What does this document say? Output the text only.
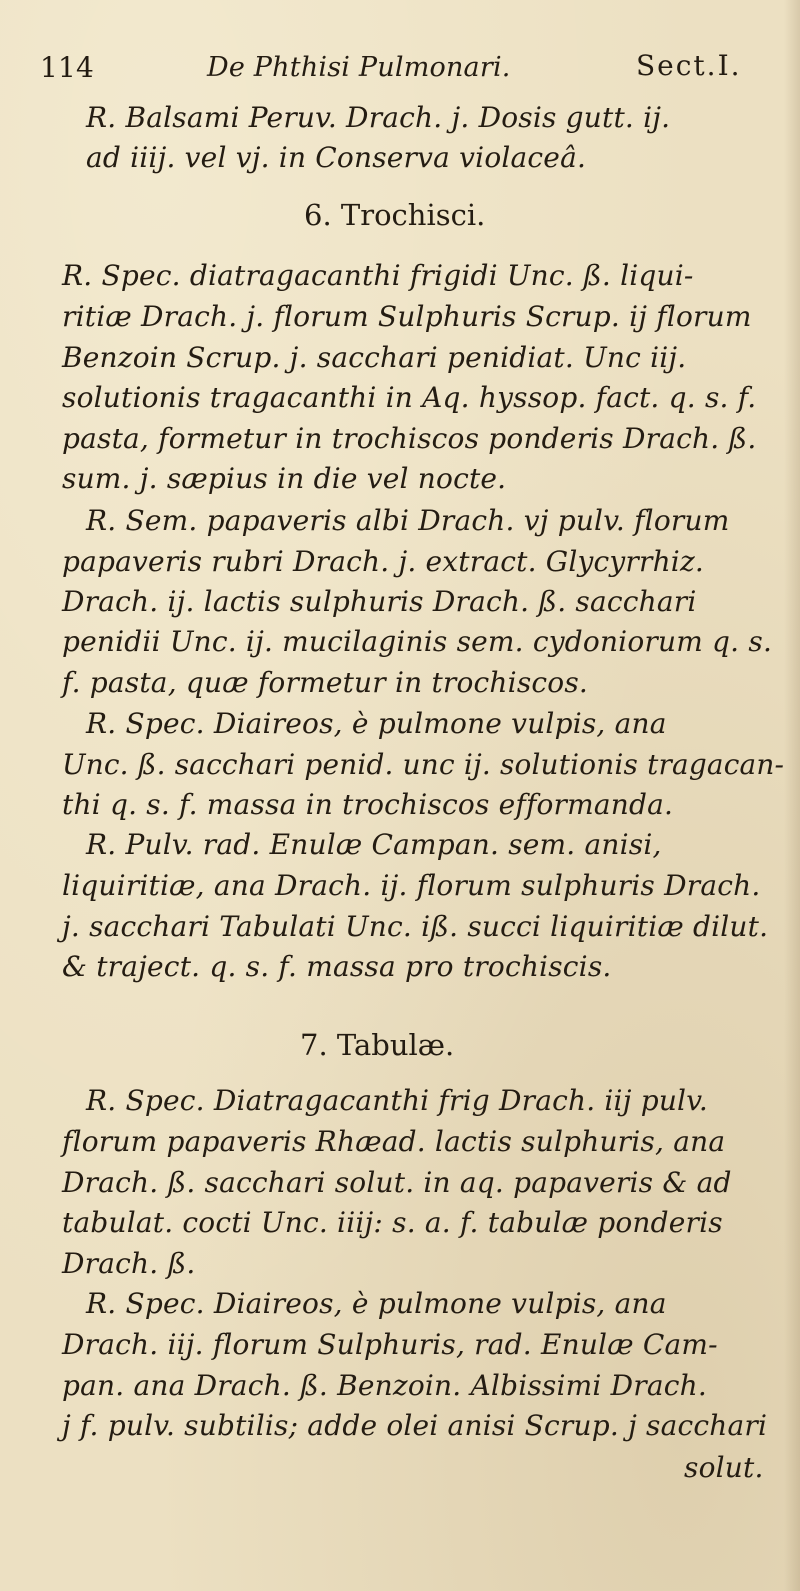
114	De Phthisi Pulmonari.	Sect.I.
R. Balsami Peruv. Drach. j. Dosis gutt. ij.
ad iiij. vel vj. in Conserva violaceâ.
6. Trochisci.
R. Spec. diatragacanthi frigidi Unc. ß. liqui-
ritiæ Drach. j. florum Sulphuris Scrup. ij florum
Benzoin Scrup. j. sacchari penidiat. Unc iij.
solutionis tragacanthi in Aq. hyssop. fact. q. s. f.
pasta, formetur in trochiscos ponderis Drach. ß.
sum. j. sæpius in die vel nocte.
R. Sem. papaveris albi Drach. vj pulv. florum
papaveris rubri Drach. j. extract. Glycyrrhiz.
Drach. ij. lactis sulphuris Drach. ß. sacchari
penidii Unc. ij. mucilaginis sem. cydoniorum q. s.
f. pasta, quæ formetur in trochiscos.
R. Spec. Diaireos, è pulmone vulpis, ana
Unc. ß. sacchari penid. unc ij. solutionis tragacan-
thi q. s. f. massa in trochiscos efformanda.
R. Pulv. rad. Enulæ Campan. sem. anisi,
liquiritiæ, ana Drach. ij. florum sulphuris Drach.
j. sacchari Tabulati Unc. iß. succi liquiritiæ dilut.
& traject. q. s. f. massa pro trochiscis.
7. Tabulæ.
R. Spec. Diatragacanthi frig Drach. iij pulv.
florum papaveris Rhæad. lactis sulphuris, ana
Drach. ß. sacchari solut. in aq. papaveris & ad
tabulat. cocti Unc. iiij: s. a. f. tabulæ ponderis
Drach. ß.
R. Spec. Diaireos, è pulmone vulpis, ana
Drach. iij. florum Sulphuris, rad. Enulæ Cam-
pan. ana Drach. ß. Benzoin. Albissimi Drach.
j f. pulv. subtilis; adde olei anisi Scrup. j sacchari
solut.
